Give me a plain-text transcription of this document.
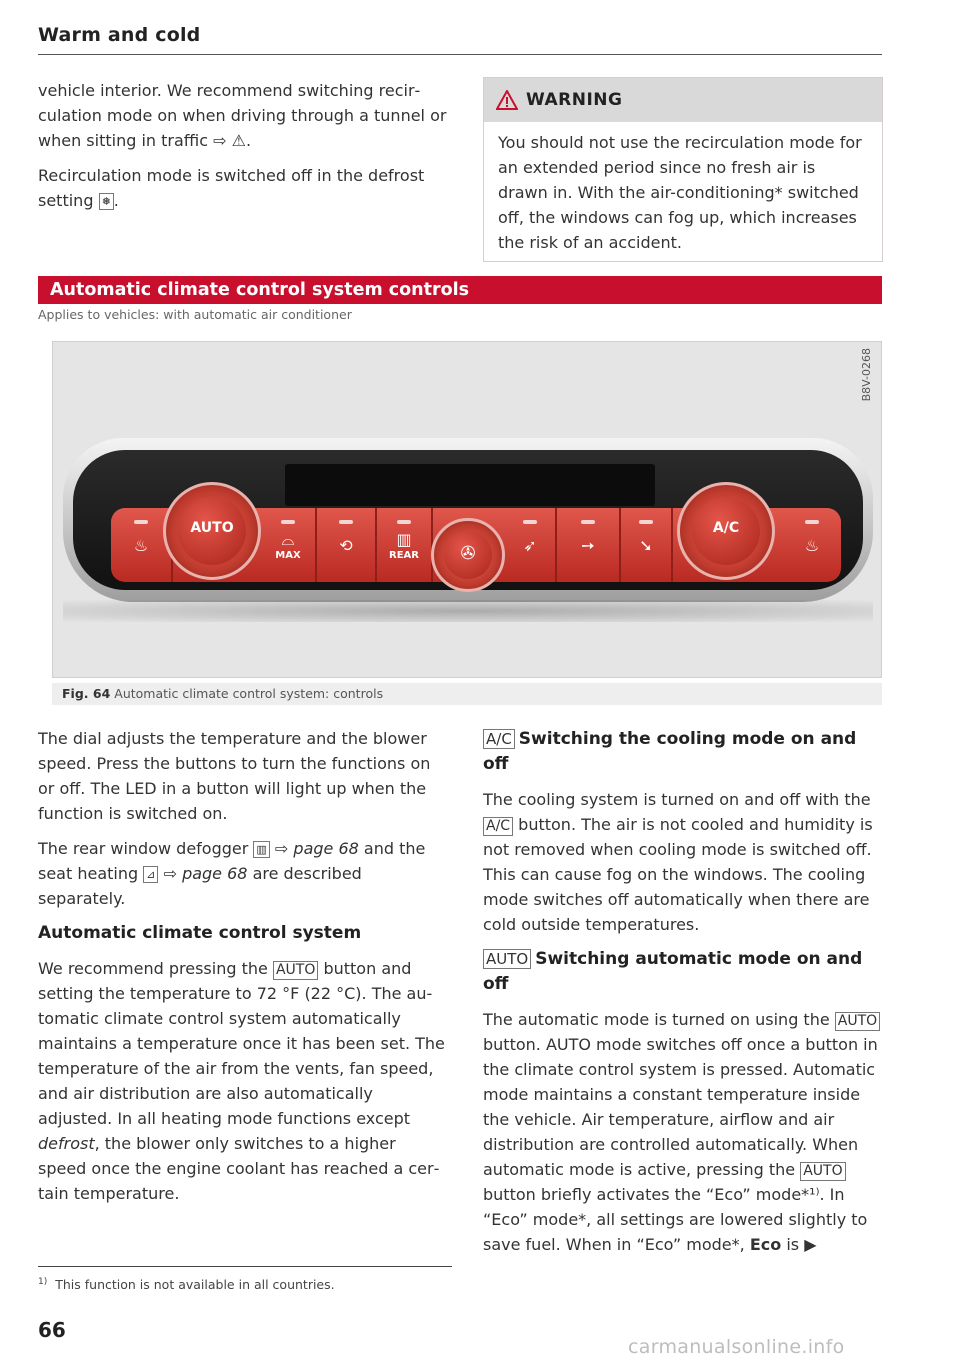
Warm and cold

vehicle interior. We recommend switching recirculation mode on when driving through a tunnel or when sitting in traffic ⇨ ⚠.

Recirculation mode is switched off in the defrost setting ❅ .

WARNING
You should not use the recirculation mode for an extended period since no fresh air is drawn in. With the air-conditioning* switched off, the windows can fog up, which increases the risk of an accident.
Automatic climate control system controls
Applies to vehicles: with automatic air conditioner
B8V-0268
♨	⌓
MAX
⟲	▥
REAR
➶	➙	➘	♨
AUTO
✇
A/C
Fig. 64 Automatic climate control system: controls

The dial adjusts the temperature and the blower speed. Press the buttons to turn the functions on or off. The LED in a button will light up when the function is switched on.

The rear window defogger ▥ ⇨ page 68 and the seat heating ⊿ ⇨ page 68 are described separately.

Automatic climate control system

We recommend pressing the AUTO button and setting the temperature to 72 °F (22 °C). The automatic climate control system automatically maintains a temperature once it has been set. The temperature of the air from the vents, fan speed, and air distribution are also automatically adjusted. In all heating mode functions except defrost, the blower only switches to a higher speed once the engine coolant has reached a certain temperature.

A/C Switching the cooling mode on and off

The cooling system is turned on and off with the A/C button. The air is not cooled and humidity is not removed when cooling mode is switched off. This can cause fog on the windows. The cooling mode switches off automatically when there are cold outside temperatures.

AUTO Switching automatic mode on and off

The automatic mode is turned on using the AUTO button. AUTO mode switches off once a button in the climate control system is pressed. Automatic mode maintains a constant temperature inside the vehicle. Air temperature, airflow and air distribution are controlled automatically. When automatic mode is active, pressing the AUTO button briefly activates the “Eco” mode*¹⁾. In “Eco” mode*, all settings are lowered slightly to save fuel. When in “Eco” mode*, Eco is ▶

$^{1)}$ This function is not available in all countries.
66
carmanualsonline.info
